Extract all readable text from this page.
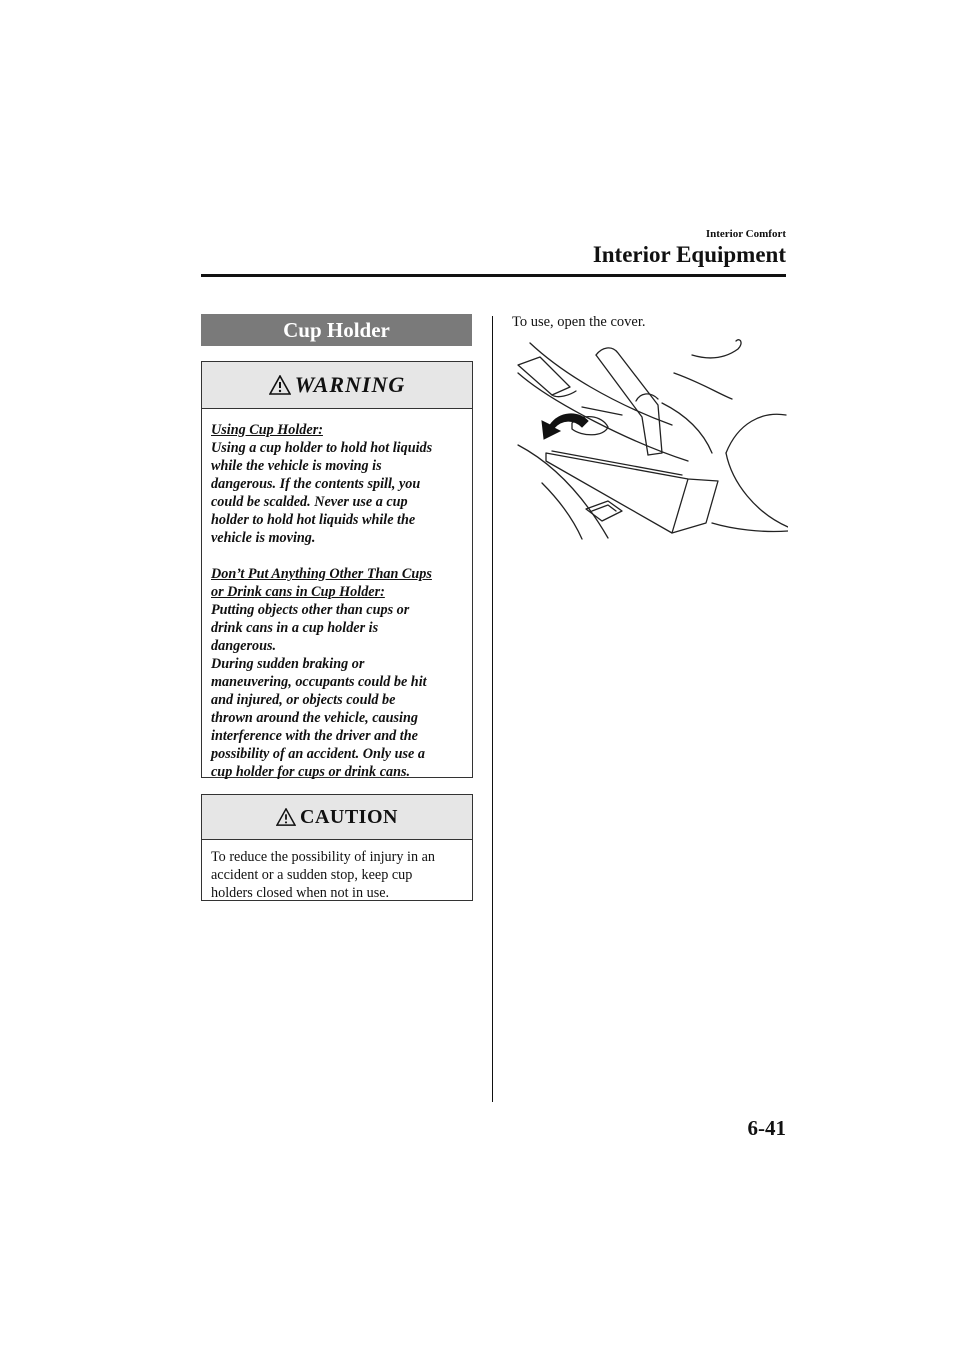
Interior Comfort
Interior Equipment
Cup Holder
WARNING
Using Cup Holder:
Using a cup holder to hold hot liquids
while the vehicle is moving is
dangerous. If the contents spill, you
could be scalded. Never use a cup
holder to hold hot liquids while the
vehicle is moving.
Don’t Put Anything Other Than Cups
or Drink cans in Cup Holder:
Putting objects other than cups or
drink cans in a cup holder is
dangerous.
During sudden braking or
maneuvering, occupants could be hit
and injured, or objects could be
thrown around the vehicle, causing
interference with the driver and the
possibility of an accident. Only use a
cup holder for cups or drink cans.
CAUTION
To reduce the possibility of injury in an
accident or a sudden stop, keep cup
holders closed when not in use.
To use, open the cover.
6-41
